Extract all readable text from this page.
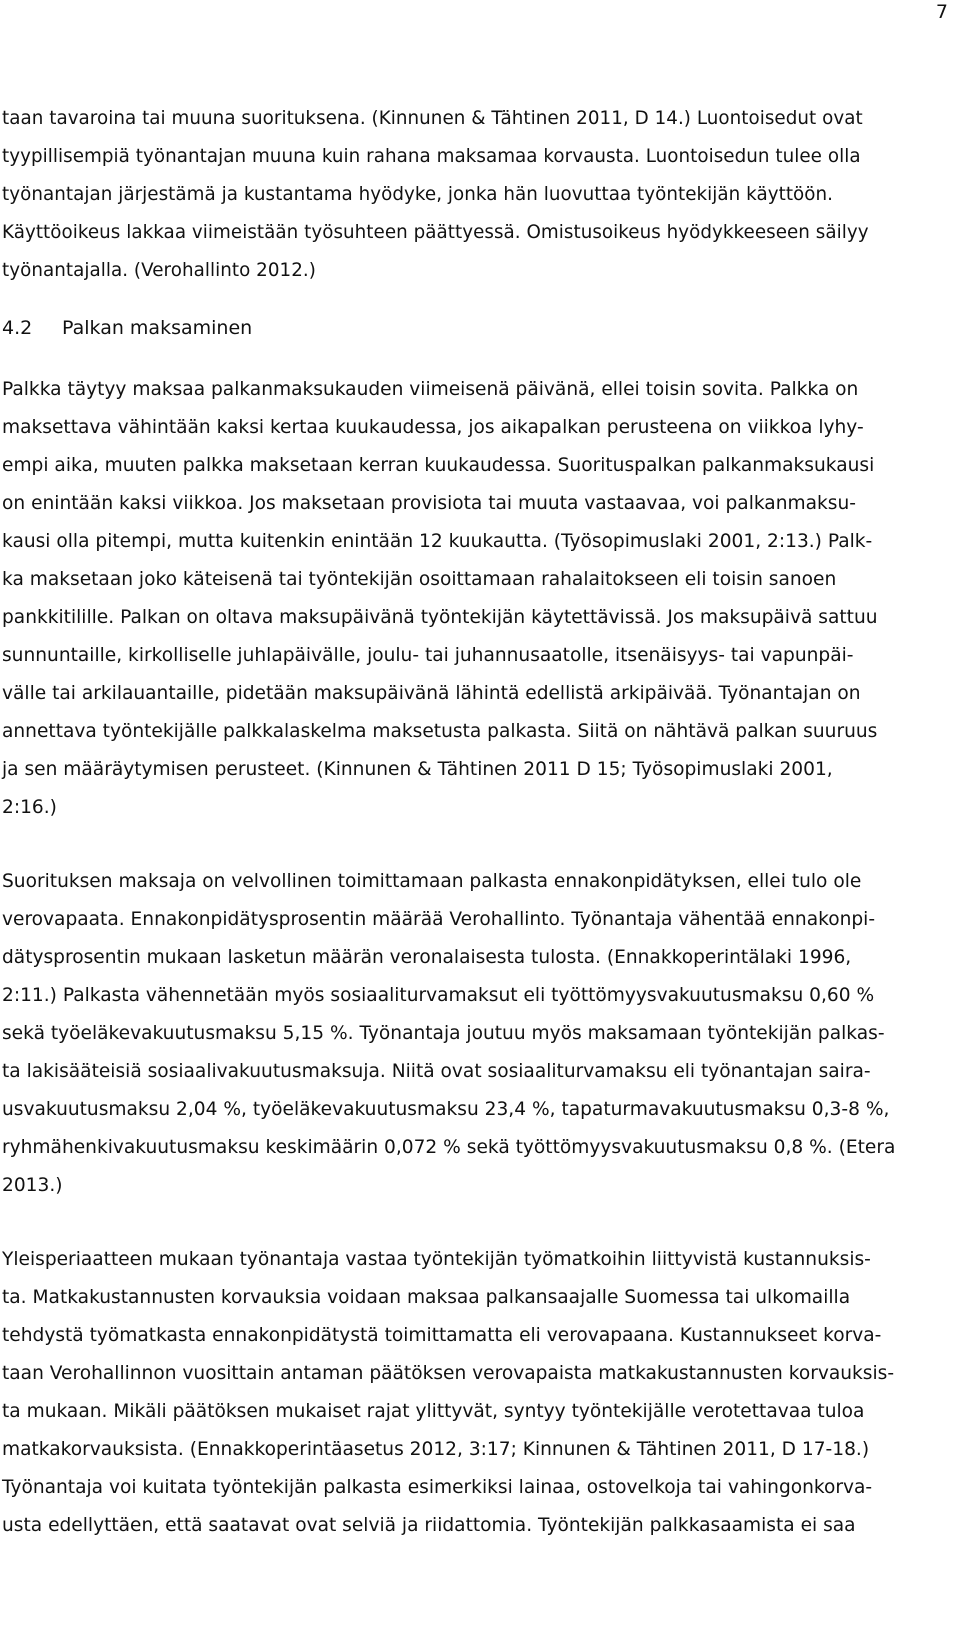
7
taan tavaroina tai muuna suorituksena. (Kinnunen & Tähtinen 2011, D 14.) Luontoisedut ovat
tyypillisempiä työnantajan muuna kuin rahana maksamaa korvausta. Luontoisedun tulee olla
työnantajan järjestämä ja kustantama hyödyke, jonka hän luovuttaa työntekijän käyttöön.
Käyttöoikeus lakkaa viimeistään työsuhteen päättyessä. Omistusoikeus hyödykkeeseen säilyy
työnantajalla. (Verohallinto 2012.)
4.2 Palkan maksaminen
Palkka täytyy maksaa palkanmaksukauden viimeisenä päivänä, ellei toisin sovita. Palkka on
maksettava vähintään kaksi kertaa kuukaudessa, jos aikapalkan perusteena on viikkoa lyhy-
empi aika, muuten palkka maksetaan kerran kuukaudessa. Suorituspalkan palkanmaksukausi
on enintään kaksi viikkoa. Jos maksetaan provisiota tai muuta vastaavaa, voi palkanmaksu-
kausi olla pitempi, mutta kuitenkin enintään 12 kuukautta. (Työsopimuslaki 2001, 2:13.) Palk-
ka maksetaan joko käteisenä tai työntekijän osoittamaan rahalaitokseen eli toisin sanoen
pankkitilille. Palkan on oltava maksupäivänä työntekijän käytettävissä. Jos maksupäivä sattuu
sunnuntaille, kirkolliselle juhlapäivälle, joulu- tai juhannusaatolle, itsenäisyys- tai vapunpäi-
välle tai arkilauantaille, pidetään maksupäivänä lähintä edellistä arkipäivää. Työnantajan on
annettava työntekijälle palkkalaskelma maksetusta palkasta. Siitä on nähtävä palkan suuruus
ja sen määräytymisen perusteet. (Kinnunen & Tähtinen 2011 D 15; Työsopimuslaki 2001,
2:16.)
Suorituksen maksaja on velvollinen toimittamaan palkasta ennakonpidätyksen, ellei tulo ole
verovapaata. Ennakonpidätysprosentin määrää Verohallinto. Työnantaja vähentää ennakonpi-
dätysprosentin mukaan lasketun määrän veronalaisesta tulosta. (Ennakkoperintälaki 1996,
2:11.) Palkasta vähennetään myös sosiaaliturvamaksut eli työttömyysvakuutusmaksu 0,60 %
sekä työeläkevakuutusmaksu 5,15 %. Työnantaja joutuu myös maksamaan työntekijän palkas-
ta lakisääteisiä sosiaalivakuutusmaksuja. Niitä ovat sosiaaliturvamaksu eli työnantajan saira-
usvakuutusmaksu 2,04 %, työeläkevakuutusmaksu 23,4 %, tapaturmavakuutusmaksu 0,3-8 %,
ryhmähenkivakuutusmaksu keskimäärin 0,072 % sekä työttömyysvakuutusmaksu 0,8 %. (Etera
2013.)
Yleisperiaatteen mukaan työnantaja vastaa työntekijän työmatkoihin liittyvistä kustannuksis-
ta. Matkakustannusten korvauksia voidaan maksaa palkansaajalle Suomessa tai ulkomailla
tehdystä työmatkasta ennakonpidätystä toimittamatta eli verovapaana. Kustannukseet korva-
taan Verohallinnon vuosittain antaman päätöksen verovapaista matkakustannusten korvauksis-
ta mukaan. Mikäli päätöksen mukaiset rajat ylittyvät, syntyy työntekijälle verotettavaa tuloa
matkakorvauksista. (Ennakkoperintäasetus 2012, 3:17; Kinnunen & Tähtinen 2011, D 17-18.)
Työnantaja voi kuitata työntekijän palkasta esimerkiksi lainaa, ostovelkoja tai vahingonkorva-
usta edellyttäen, että saatavat ovat selviä ja riidattomia. Työntekijän palkkasaamista ei saa
